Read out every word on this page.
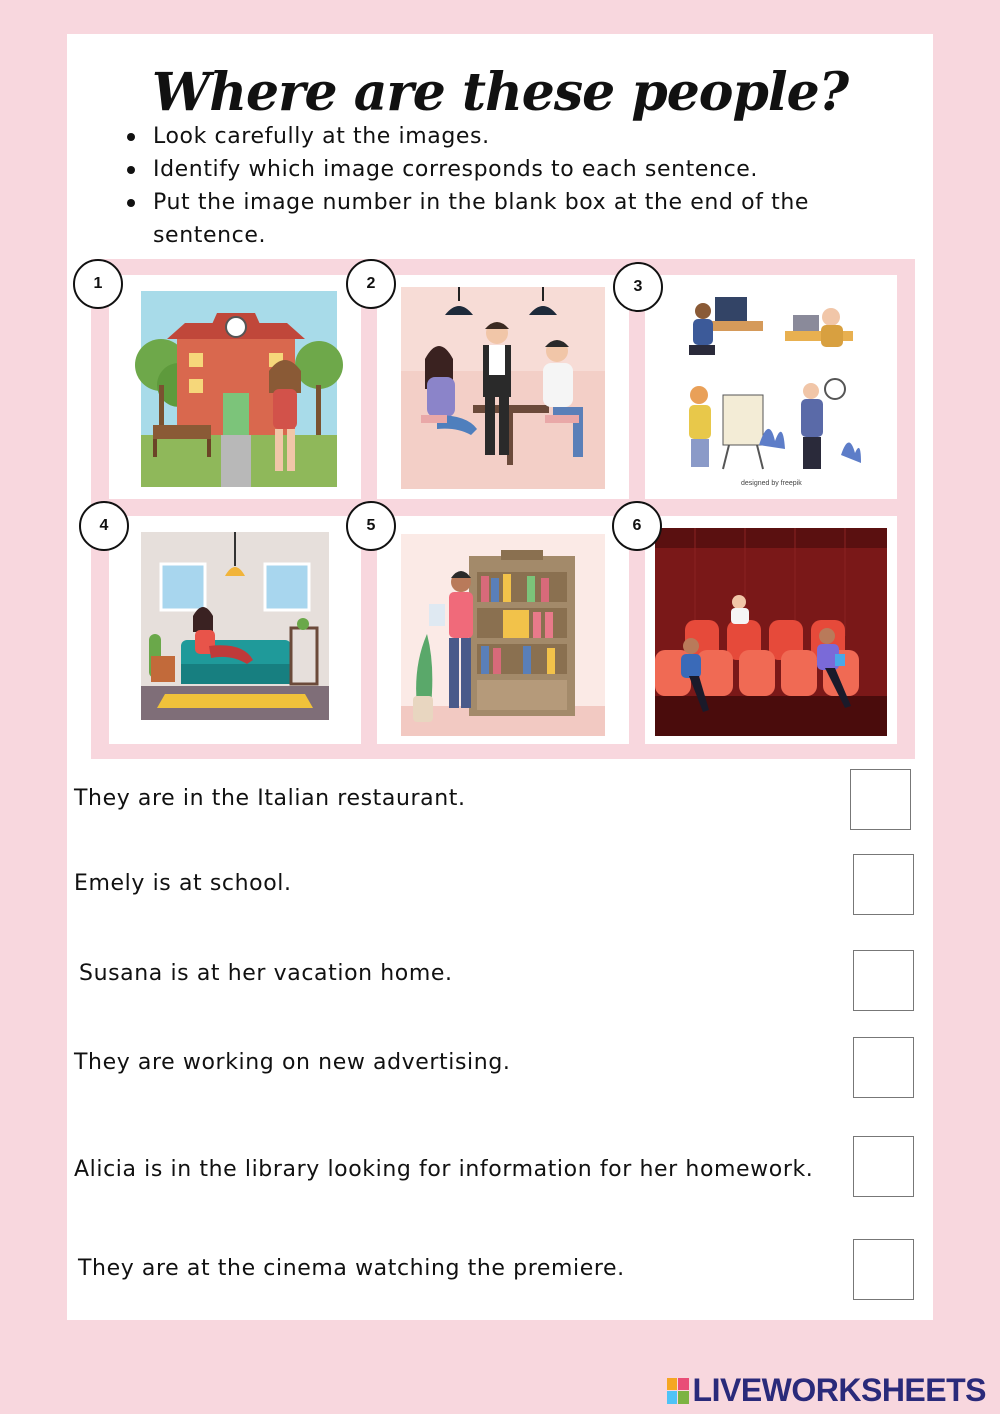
Where are these people?
Look carefully at the images.
Identify which image corresponds to each sentence.
Put the image number in the blank box at the end of the sentence.
1	2
designed by freepik
3
4	5	6
They are in the Italian restaurant.
Emely is at school.
Susana is at her vacation home.
They are working on new advertising.
Alicia is in the library looking for information for her homework.
They are at the cinema watching the premiere.
LIVEWORKSHEETS
